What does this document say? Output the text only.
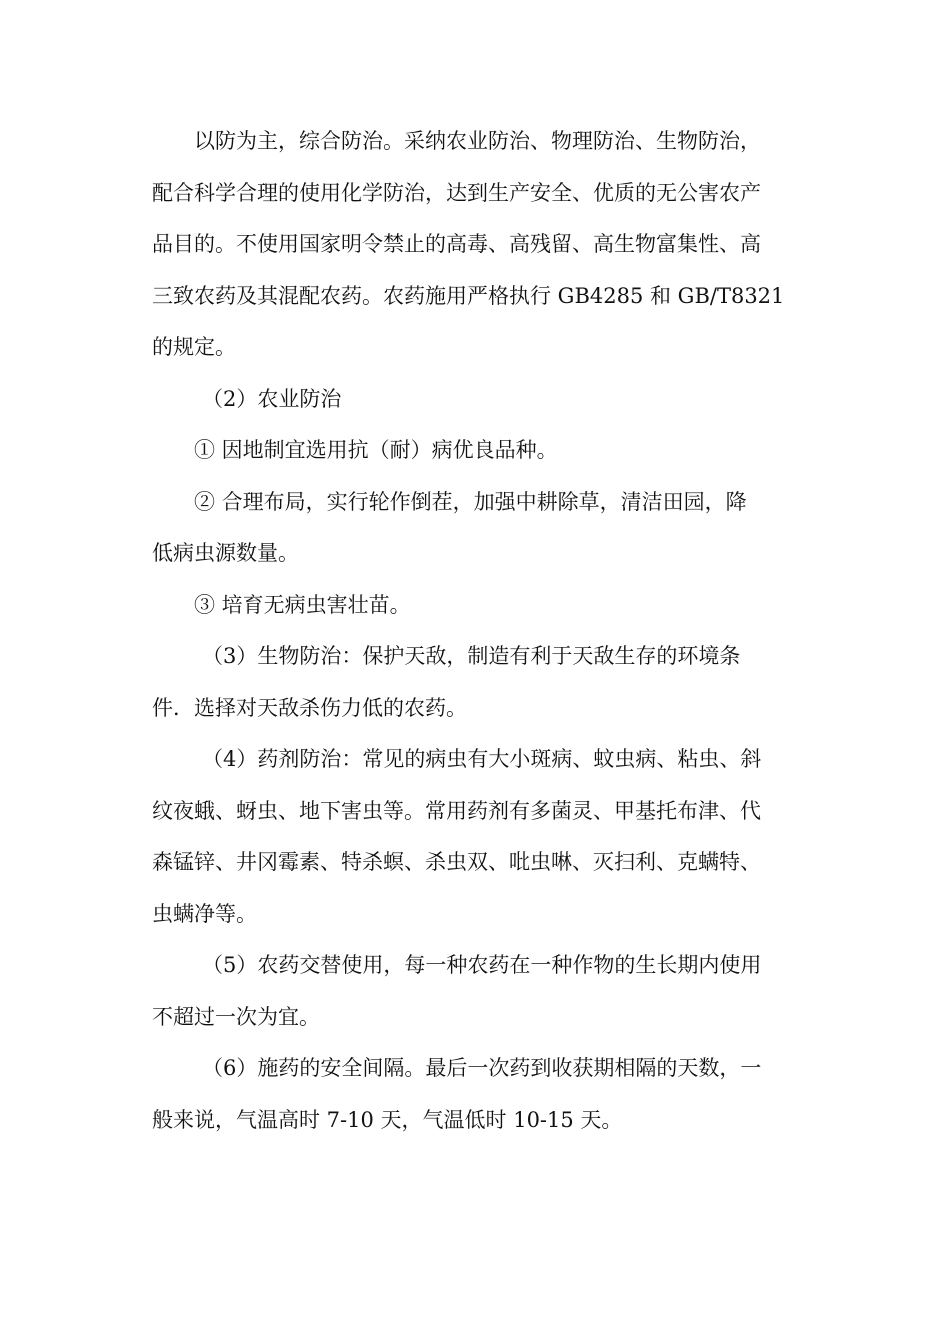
以防为主，综合防治。采纳农业防治、物理防治、生物防治，
配合科学合理的使用化学防治，达到生产安全、优质的无公害农产
品目的。不使用国家明令禁止的高毒、高残留、高生物富集性、高
三致农药及其混配农药。农药施用严格执行 GB4285 和 GB/T8321
的规定。
（2）农业防治
① 因地制宜选用抗（耐）病优良品种。
② 合理布局，实行轮作倒茬，加强中耕除草，清洁田园，降
低病虫源数量。
③ 培育无病虫害壮苗。
（3）生物防治：保护天敌，制造有利于天敌生存的环境条
件．选择对天敌杀伤力低的农药。
（4）药剂防治：常见的病虫有大小斑病、蚊虫病、粘虫、斜
纹夜蛾、蚜虫、地下害虫等。常用药剂有多菌灵、甲基托布津、代
森锰锌、井冈霉素、特杀螟、杀虫双、吡虫啉、灭扫利、克螨特、
虫螨净等。
（5）农药交替使用，每一种农药在一种作物的生长期内使用
不超过一次为宜。
（6）施药的安全间隔。最后一次药到收获期相隔的天数，一
般来说，气温高时 7-10 天，气温低时 10-15 天。
